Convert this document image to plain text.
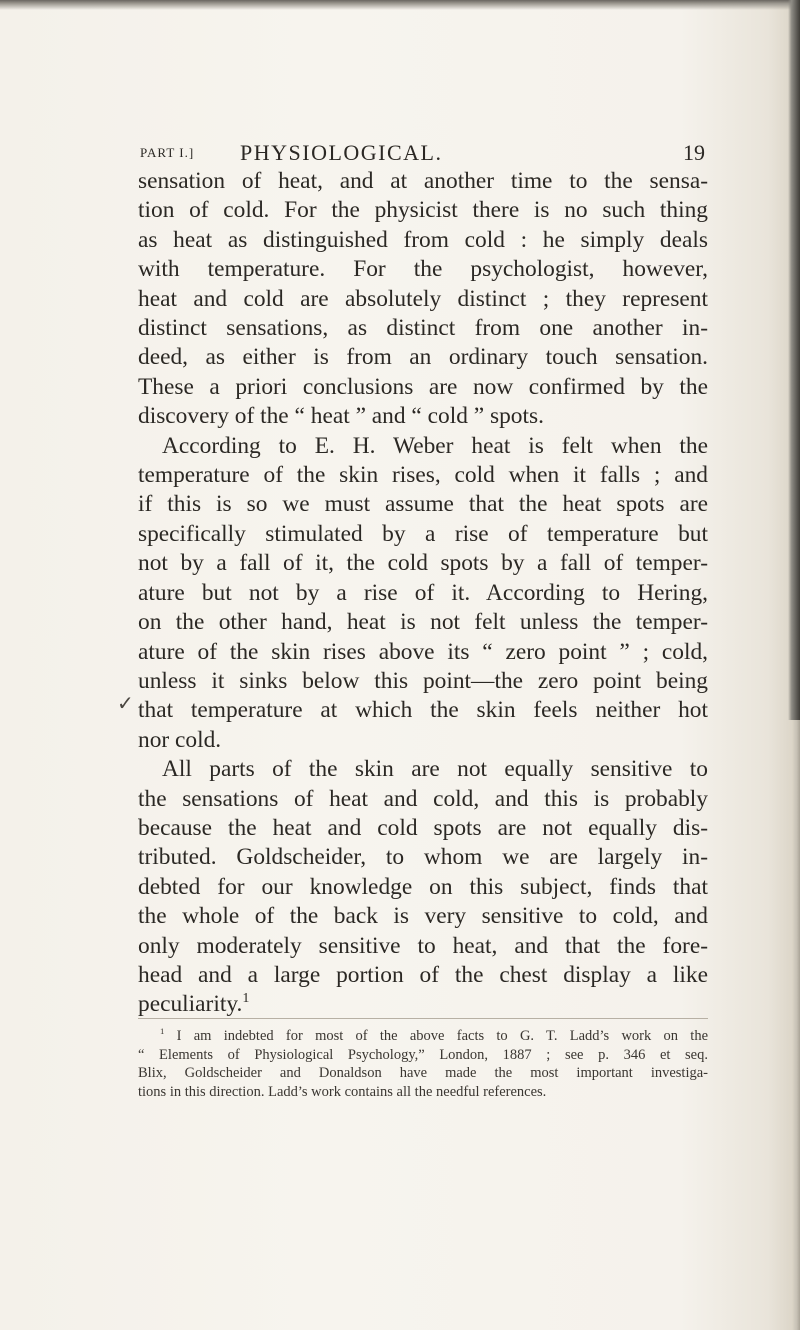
PART I.] PHYSIOLOGICAL.	19
sensation of heat, and at another time to the sensa-
tion of cold. For the physicist there is no such thing
as heat as distinguished from cold : he simply deals
with temperature. For the psychologist, however,
heat and cold are absolutely distinct ; they represent
distinct sensations, as distinct from one another in-
deed, as either is from an ordinary touch sensation.
These a priori conclusions are now confirmed by the
discovery of the “ heat ” and “ cold ” spots.
According to E. H. Weber heat is felt when the
temperature of the skin rises, cold when it falls ; and
if this is so we must assume that the heat spots are
specifically stimulated by a rise of temperature but
not by a fall of it, the cold spots by a fall of temper-
ature but not by a rise of it. According to Hering,
on the other hand, heat is not felt unless the temper-
ature of the skin rises above its “ zero point ” ; cold,
unless it sinks below this point—the zero point being
that temperature at which the skin feels neither hot
nor cold.
All parts of the skin are not equally sensitive to
the sensations of heat and cold, and this is probably
because the heat and cold spots are not equally dis-
tributed. Goldscheider, to whom we are largely in-
debted for our knowledge on this subject, finds that
the whole of the back is very sensitive to cold, and
only moderately sensitive to heat, and that the fore-
head and a large portion of the chest display a like
peculiarity.$^1$
✓
$^1$ I am indebted for most of the above facts to G. T. Ladd’s work on the
“ Elements of Physiological Psychology,” London, 1887 ; see p. 346 et seq.
Blix, Goldscheider and Donaldson have made the most important investiga-
tions in this direction. Ladd’s work contains all the needful references.
